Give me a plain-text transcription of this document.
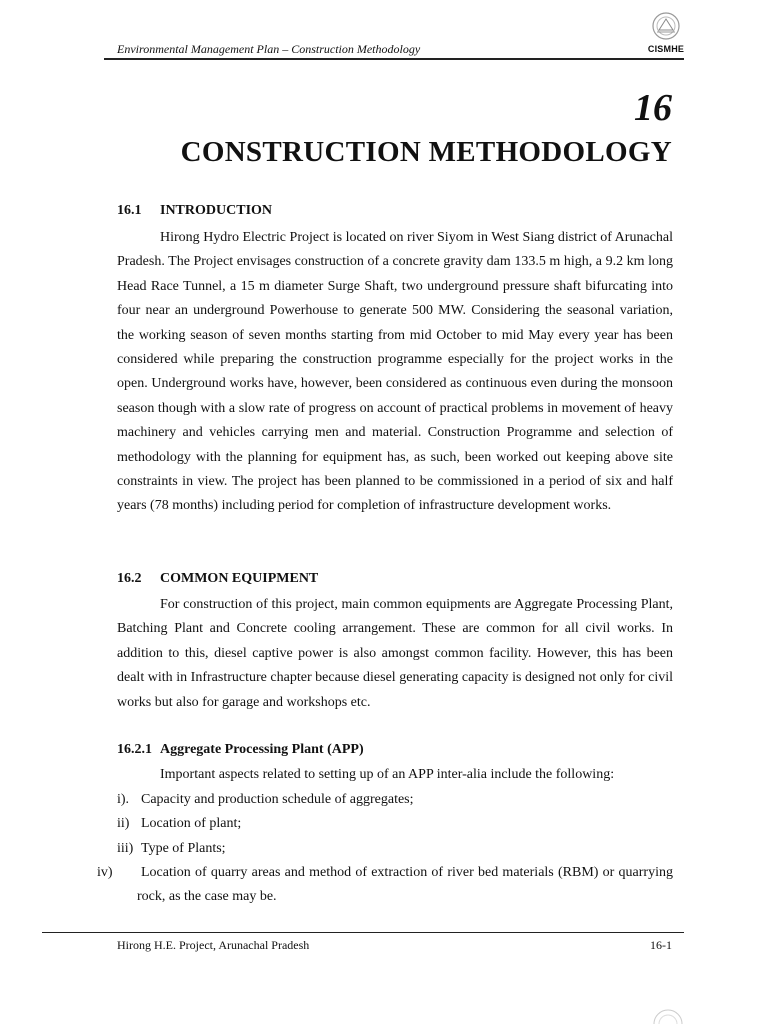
Environmental Management Plan – Construction Methodology	CISMHE
16
CONSTRUCTION METHODOLOGY
16.1 INTRODUCTION

Hirong Hydro Electric Project is located on river Siyom in West Siang district of Arunachal Pradesh. The Project envisages construction of a concrete gravity dam 133.5 m high, a 9.2 km long Head Race Tunnel, a 15 m diameter Surge Shaft, two underground pressure shaft bifurcating into four near an underground Powerhouse to generate 500 MW. Considering the seasonal variation, the working season of seven months starting from mid October to mid May every year has been considered while preparing the construction programme especially for the project works in the open. Underground works have, however, been considered as continuous even during the monsoon season though with a slow rate of progress on account of practical problems in movement of heavy machinery and vehicles carrying men and material. Construction Programme and selection of methodology with the planning for equipment has, as such, been worked out keeping above site constraints in view. The project has been planned to be commissioned in a period of six and half years (78 months) including period for completion of infrastructure development works.

16.2 COMMON EQUIPMENT

For construction of this project, main common equipments are Aggregate Processing Plant, Batching Plant and Concrete cooling arrangement. These are common for all civil works. In addition to this, diesel captive power is also amongst common facility. However, this has been dealt with in Infrastructure chapter because diesel generating capacity is designed not only for civil works but also for garage and workshops etc.

16.2.1 Aggregate Processing Plant (APP)

Important aspects related to setting up of an APP inter-alia include the following:

i). Capacity and production schedule of aggregates;
ii) Location of plant;
iii) Type of Plants;
iv) Location of quarry areas and method of extraction of river bed materials (RBM) or quarrying rock, as the case may be.
Hirong H.E. Project, Arunachal Pradesh	16-1
